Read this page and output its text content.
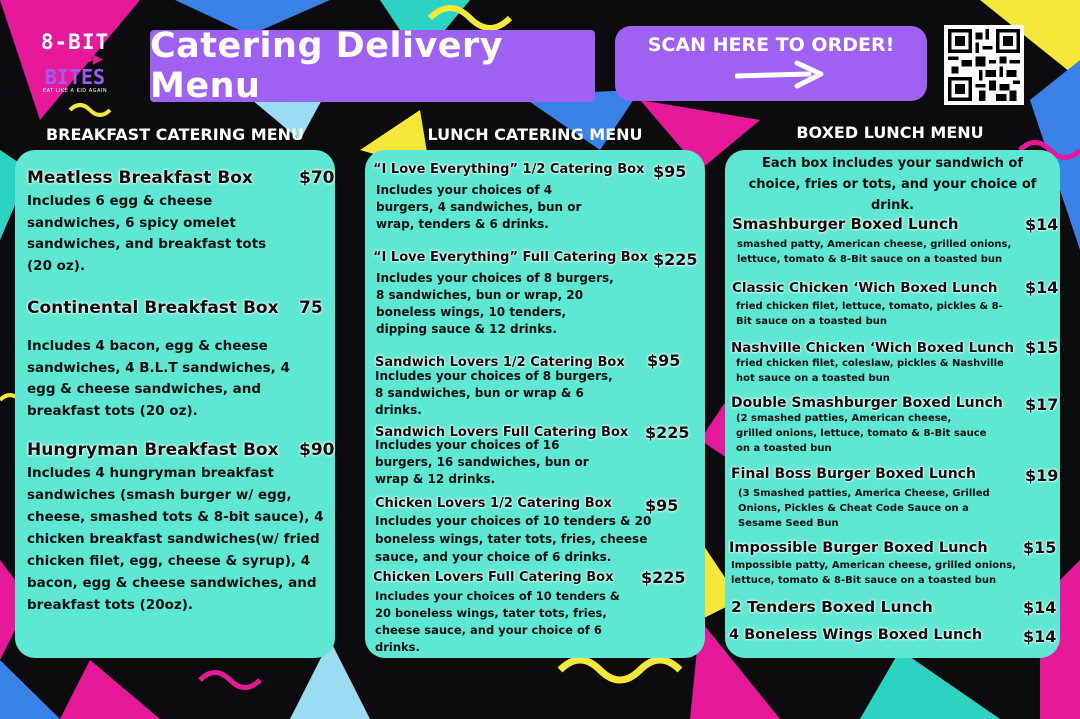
8-BIT
▶▶▶▶▶▶
BITES
EAT LIKE A KID AGAIN
Catering Delivery Menu
SCAN HERE TO ORDER!
BREAKFAST CATERING MENU	LUNCH CATERING MENU	BOXED LUNCH MENU
Meatless Breakfast Box	$70
Includes 6 egg & cheese sandwiches, 6 spicy omelet sandwiches, and breakfast tots (20 oz).
Continental Breakfast Box	75
Includes 4 bacon, egg & cheese sandwiches, 4 B.L.T sandwiches, 4 egg & cheese sandwiches, and breakfast tots (20 oz).
Hungryman Breakfast Box	$90
Includes 4 hungryman breakfast sandwiches (smash burger w/ egg, cheese, smashed tots & 8-bit sauce), 4 chicken breakfast sandwiches(w/ fried chicken filet, egg, cheese & syrup), 4 bacon, egg & cheese sandwiches, and breakfast tots (20oz).
“I Love Everything” 1/2 Catering Box $95
Includes your choices of 4 burgers, 4 sandwiches, bun or wrap, tenders & 6 drinks.
“I Love Everything” Full Catering Box $225
Includes your choices of 8 burgers, 8 sandwiches, bun or wrap, 20 boneless wings, 10 tenders, dipping sauce & 12 drinks.
Sandwich Lovers 1/2 Catering Box	$95
Includes your choices of 8 burgers, 8 sandwiches, bun or wrap & 6 drinks.
Sandwich Lovers Full Catering Box	$225
Includes your choices of 16 burgers, 16 sandwiches, bun or wrap & 12 drinks.
Chicken Lovers 1/2 Catering Box	$95
Includes your choices of 10 tenders & 20 boneless wings, tater tots, fries, cheese sauce, and your choice of 6 drinks.
Chicken Lovers Full Catering Box	$225
Includes your choices of 10 tenders & 20 boneless wings, tater tots, fries, cheese sauce, and your choice of 6 drinks.
Each box includes your sandwich of choice, fries or tots, and your choice of drink.
Smashburger Boxed Lunch	$14
smashed patty, American cheese, grilled onions, lettuce, tomato & 8-Bit sauce on a toasted bun
Classic Chicken ‘Wich Boxed Lunch	$14
fried chicken filet, lettuce, tomato, pickles & 8-Bit sauce on a toasted bun
Nashville Chicken ‘Wich Boxed Lunch $15
fried chicken filet, coleslaw, pickles & Nashville hot sauce on a toasted bun
Double Smashburger Boxed Lunch	$17
(2 smashed patties, American cheese, grilled onions, lettuce, tomato & 8-Bit sauce on a toasted bun
Final Boss Burger Boxed Lunch	$19
(3 Smashed patties, America Cheese, Grilled Onions, Pickles & Cheat Code Sauce on a Sesame Seed Bun
Impossible Burger Boxed Lunch	$15
Impossible patty, American cheese, grilled onions, lettuce, tomato & 8-Bit sauce on a toasted bun
2 Tenders Boxed Lunch	$14
4 Boneless Wings Boxed Lunch	$14
